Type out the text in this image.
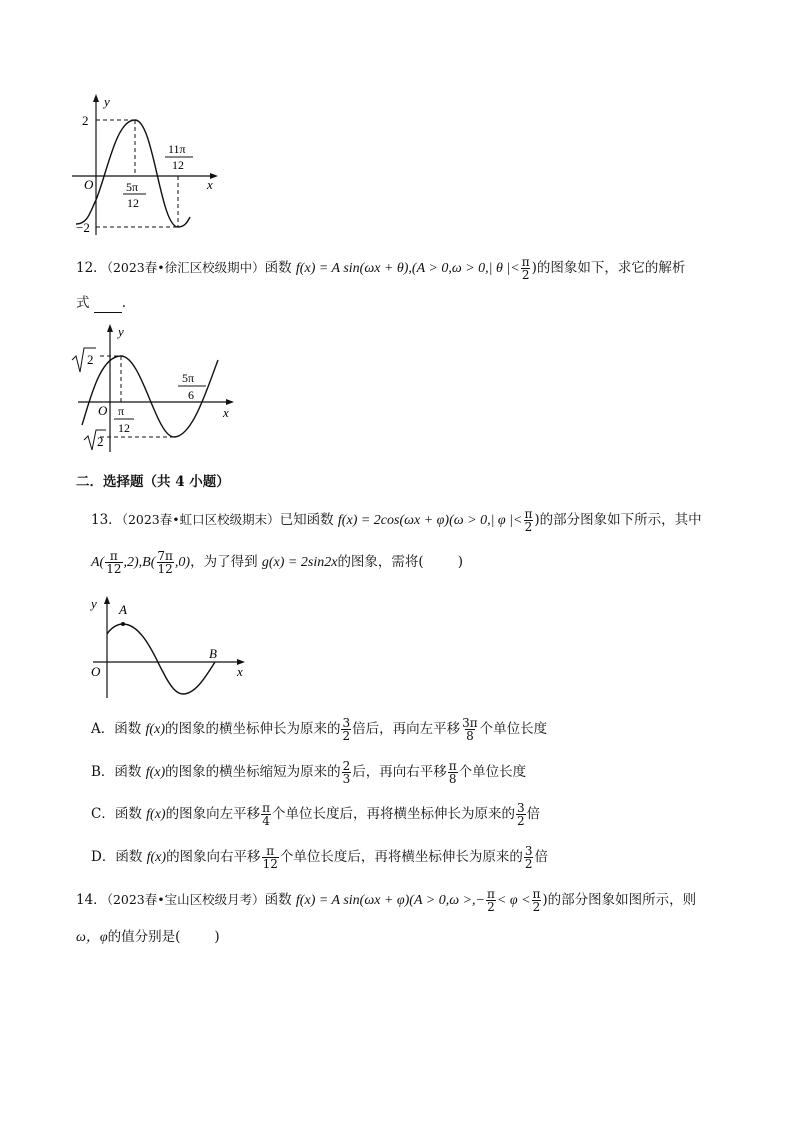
y
x
O
2
−2
5π
12
11π
12
12．（2023春•徐汇区校级期中）函数 f(x) = A sin(ωx + θ),(A > 0,ω > 0,| θ |< $\frac{\pi}{2}$ )的图象如下，求它的解析
式 .
y
x
O
2
2
π
12
5π
6
二．选择题（共 4 小题）
13．（2023春•虹口区校级期末）已知函数 f(x) = 2cos(ωx + φ)(ω > 0,| φ |< $\frac{\pi}{2}$ )的部分图象如下所示，其中
$A( \frac{\pi}{12} ,2),B( \frac{7\pi}{12} ,0)$，为了得到 g(x) = 2sin2x的图象，需将(	)
y
x
O
A
B
A．函数 f(x)的图象的横坐标伸长为原来的 $\frac{3}{2}$ 倍后，再向左平移 $\frac{3\pi}{8}$ 个单位长度
B．函数 f(x)的图象的横坐标缩短为原来的 $\frac{2}{3}$ 后，再向右平移 $\frac{\pi}{8}$ 个单位长度
C．函数 f(x)的图象向左平移 $\frac{\pi}{4}$ 个单位长度后，再将横坐标伸长为原来的 $\frac{3}{2}$ 倍
D．函数 f(x)的图象向右平移 $\frac{\pi}{12}$ 个单位长度后，再将横坐标伸长为原来的 $\frac{3}{2}$ 倍
14．（2023春•宝山区校级月考）函数 f(x) = A sin(ωx + φ)(A > 0,ω >,− $\frac{\pi}{2} < \varphi < \frac{\pi}{2}$ )的部分图象如图所示，则
ω，φ的值分别是(	)
